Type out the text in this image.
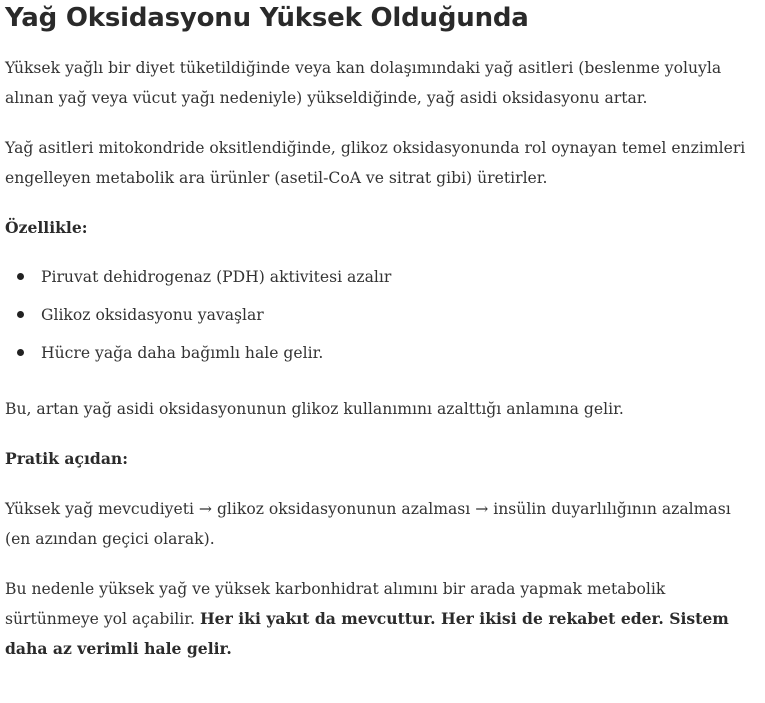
Yağ Oksidasyonu Yüksek Olduğunda

Yüksek yağlı bir diyet tüketildiğinde veya kan dolaşımındaki yağ asitleri (beslenme yoluyla alınan yağ veya vücut yağı nedeniyle) yükseldiğinde, yağ asidi oksidasyonu artar.

Yağ asitleri mitokondride oksitlendiğinde, glikoz oksidasyonunda rol oynayan temel enzimleri engelleyen metabolik ara ürünler (asetil-CoA ve sitrat gibi) üretirler.

Özellikle:

Piruvat dehidrogenaz (PDH) aktivitesi azalır
Glikoz oksidasyonu yavaşlar
Hücre yağa daha bağımlı hale gelir.

Bu, artan yağ asidi oksidasyonunun glikoz kullanımını azalttığı anlamına gelir.

Pratik açıdan:

Yüksek yağ mevcudiyeti → glikoz oksidasyonunun azalması → insülin duyarlılığının azalması (en azından geçici olarak).

Bu nedenle yüksek yağ ve yüksek karbonhidrat alımını bir arada yapmak metabolik sürtünmeye yol açabilir. Her iki yakıt da mevcuttur. Her ikisi de rekabet eder. Sistem daha az verimli hale gelir.
